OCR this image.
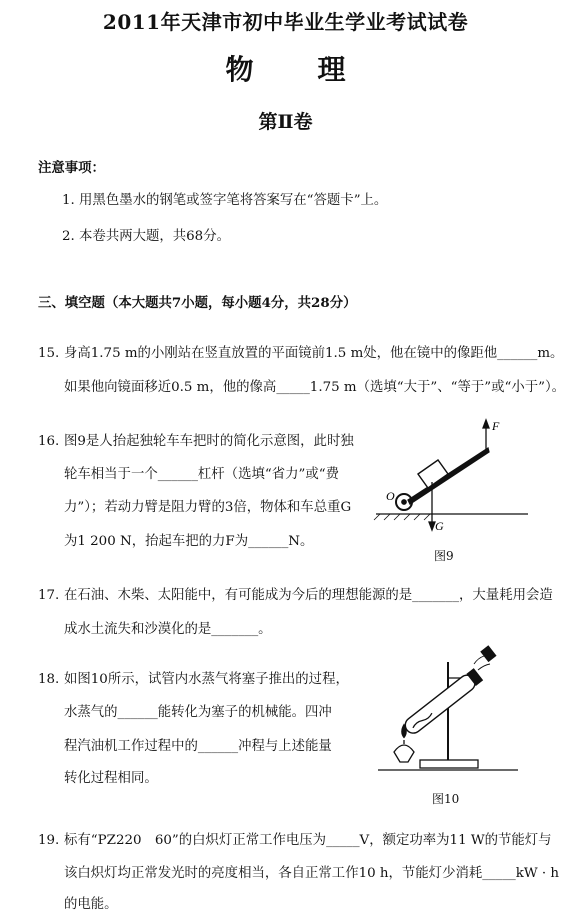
2011年天津市初中毕业生学业考试试卷
物　理
第Ⅱ卷
注意事项：
1. 用黑色墨水的钢笔或签字笔将答案写在“答题卡”上。
2. 本卷共两大题，共68分。
三、填空题（本大题共7小题，每小题4分，共28分）
15. 身高1.75 m的小刚站在竖直放置的平面镜前1.5 m处，他在镜中的像距他______m。
如果他向镜面移近0.5 m，他的像高_____1.75 m（选填“大于”、“等于”或“小于”）。
16. 图9是人抬起独轮车车把时的简化示意图，此时独
轮车相当于一个______杠杆（选填“省力”或“费
力”）；若动力臂是阻力臂的3倍，物体和车总重G
为1 200 N，抬起车把的力F为______N。
F
O
G
图9
17. 在石油、木柴、太阳能中，有可能成为今后的理想能源的是_______，大量耗用会造
成水土流失和沙漠化的是_______。
18. 如图10所示，试管内水蒸气将塞子推出的过程，
水蒸气的______能转化为塞子的机械能。四冲
程汽油机工作过程中的______冲程与上述能量
转化过程相同。
图10
19. 标有“PZ220　60”的白炽灯正常工作电压为_____V，额定功率为11 W的节能灯与
该白炽灯均正常发光时的亮度相当，各自正常工作10 h，节能灯少消耗_____kW · h
的电能。
